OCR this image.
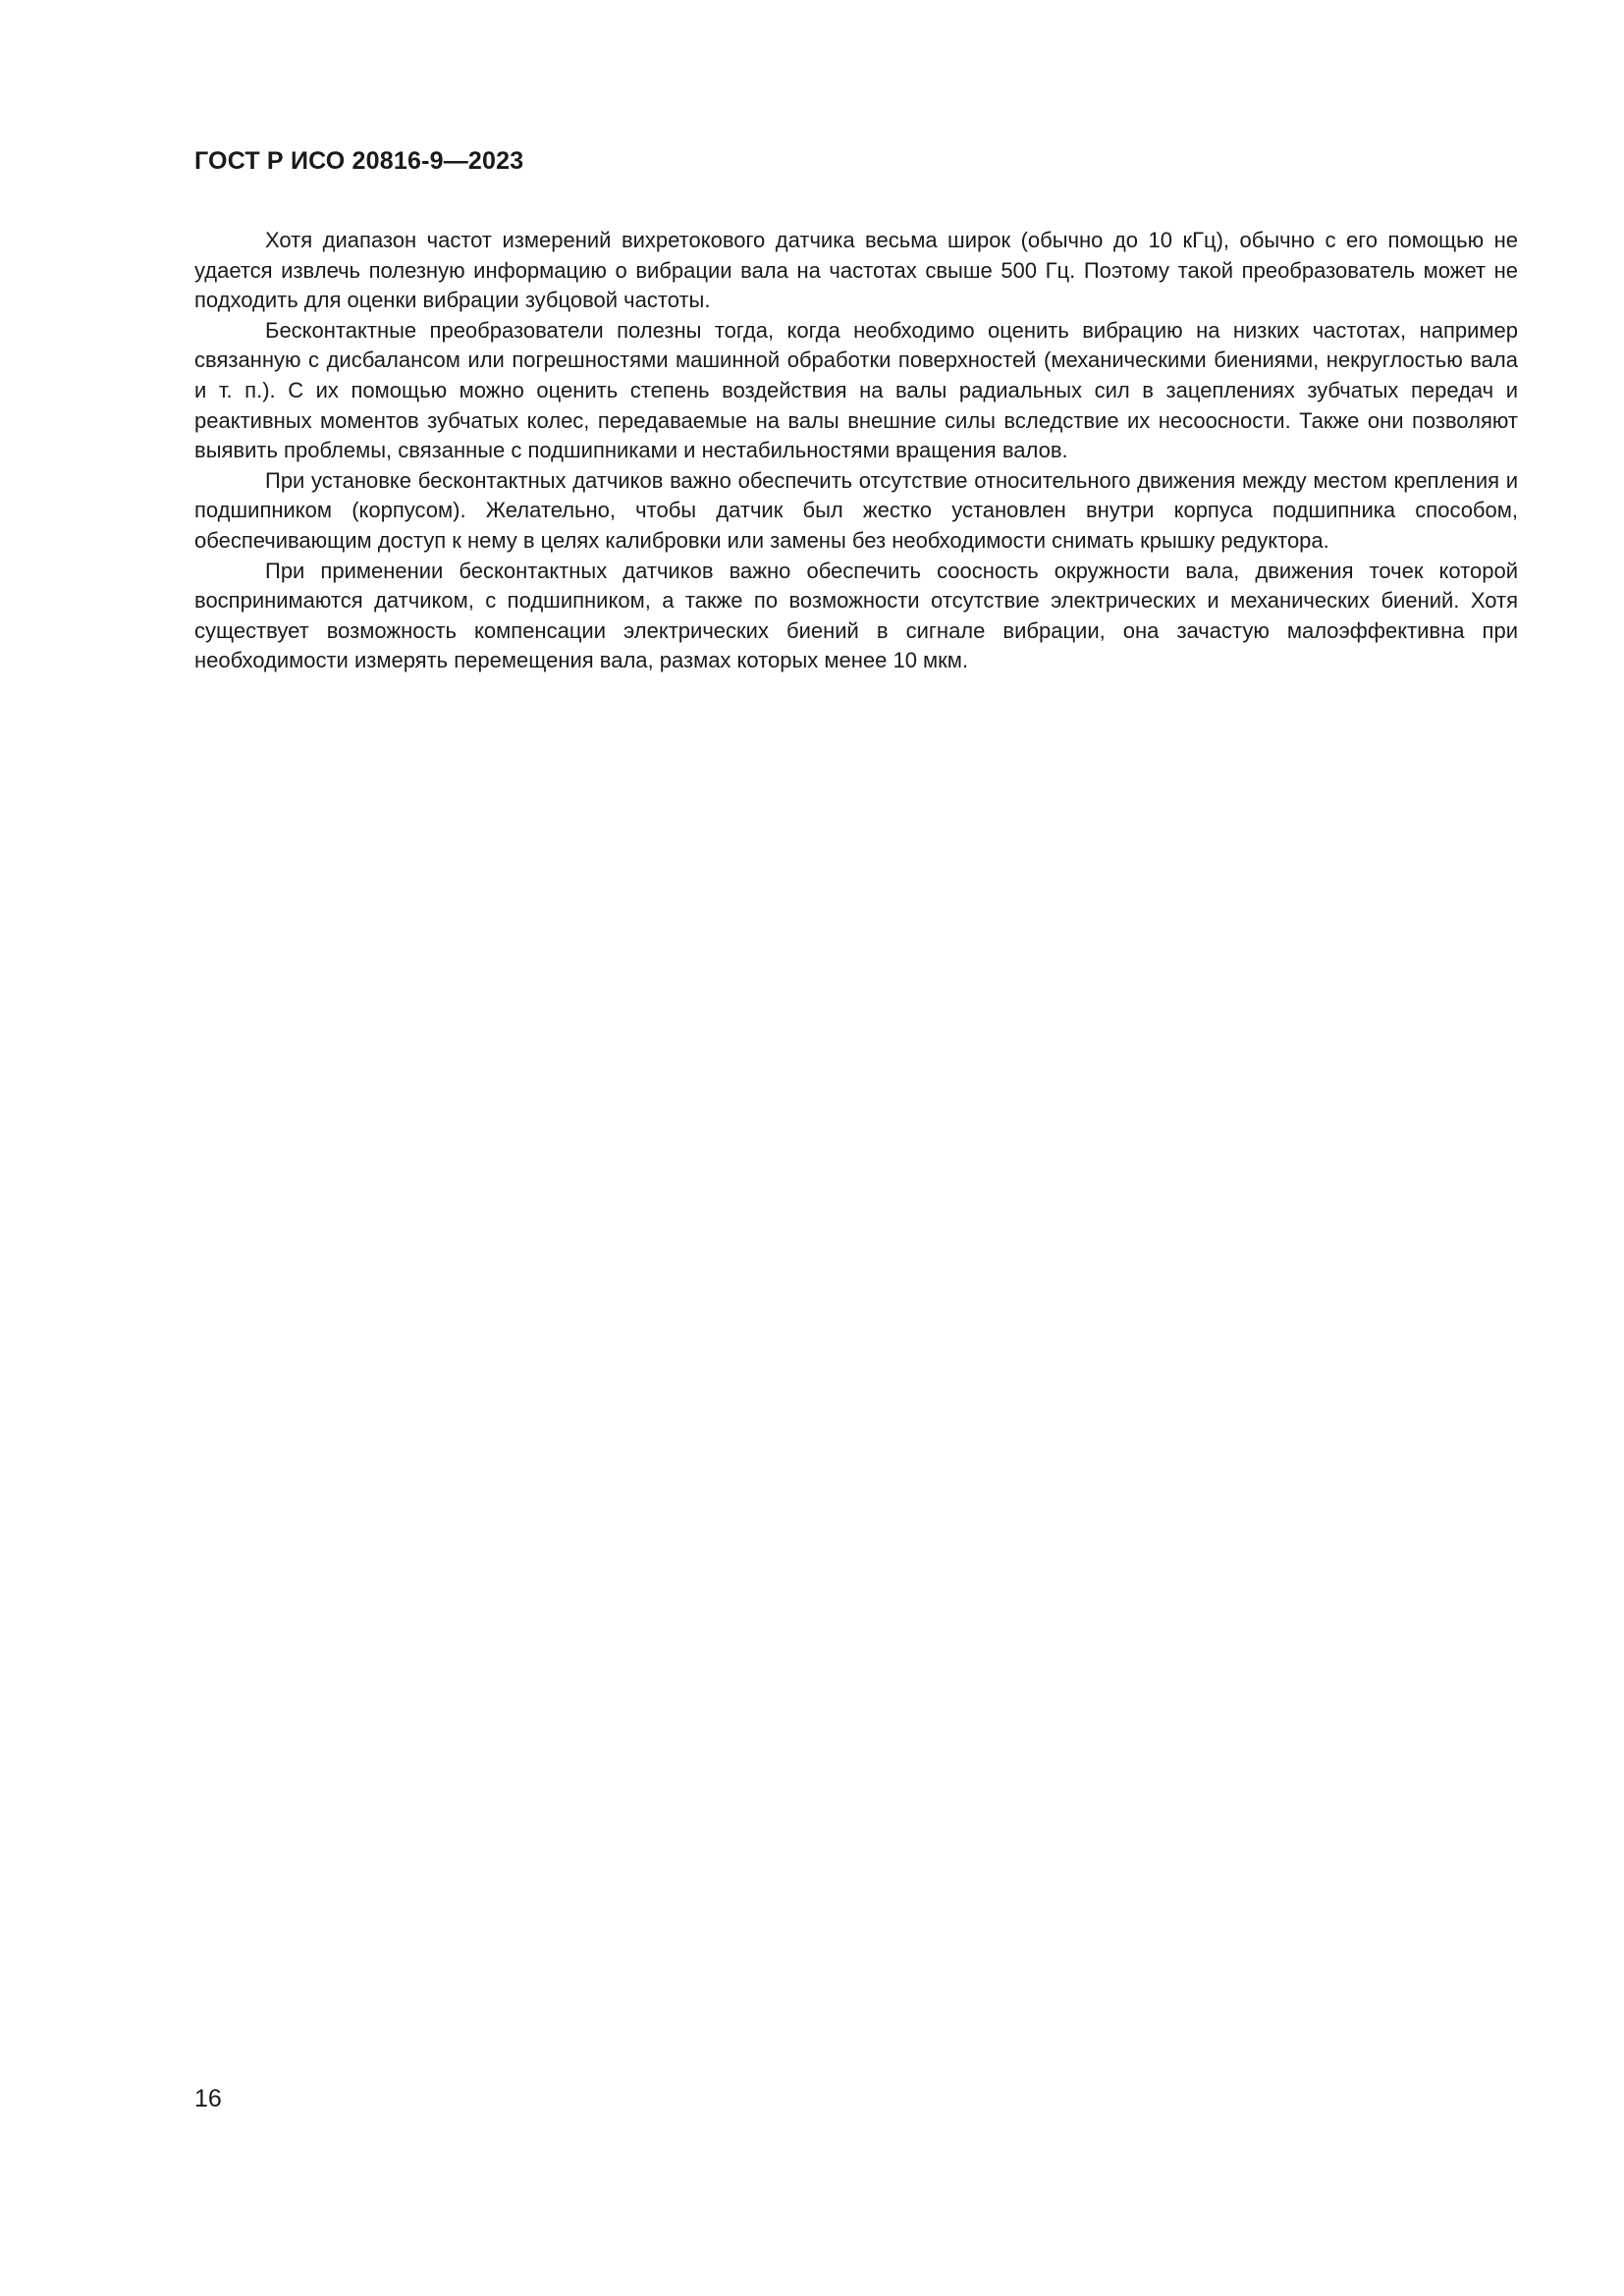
ГОСТ Р ИСО 20816-9—2023

Хотя диапазон частот измерений вихретокового датчика весьма широк (обычно до 10 кГц), обычно с его помощью не удается извлечь полезную информацию о вибрации вала на частотах свыше 500 Гц. Поэтому такой преобразователь может не подходить для оценки вибрации зубцовой частоты.

Бесконтактные преобразователи полезны тогда, когда необходимо оценить вибрацию на низких частотах, например связанную с дисбалансом или погрешностями машинной обработки поверхностей (механическими биениями, некруглостью вала и т. п.). С их помощью можно оценить степень воздействия на валы радиальных сил в зацеплениях зубчатых передач и реактивных моментов зубчатых колес, передаваемые на валы внешние силы вследствие их несоосности. Также они позволяют выявить проблемы, связанные с подшипниками и нестабильностями вращения валов.

При установке бесконтактных датчиков важно обеспечить отсутствие относительного движения между местом крепления и подшипником (корпусом). Желательно, чтобы датчик был жестко установлен внутри корпуса подшипника способом, обеспечивающим доступ к нему в целях калибровки или замены без необходимости снимать крышку редуктора.

При применении бесконтактных датчиков важно обеспечить соосность окружности вала, движения точек которой воспринимаются датчиком, с подшипником, а также по возможности отсутствие электрических и механических биений. Хотя существует возможность компенсации электрических биений в сигнале вибрации, она зачастую малоэффективна при необходимости измерять перемещения вала, размах которых менее 10 мкм.

16
